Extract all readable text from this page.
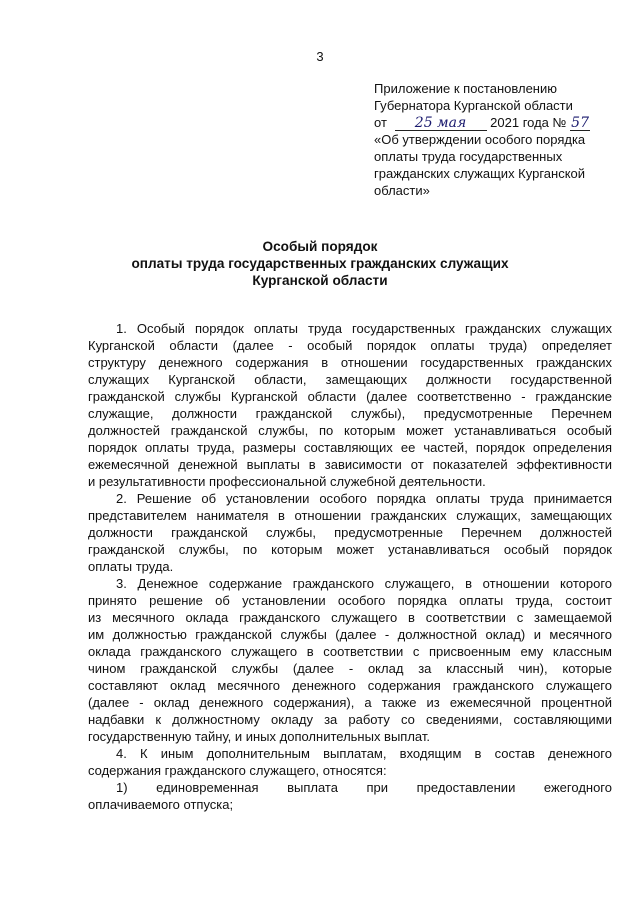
3
Приложение к постановлению
Губернатора Курганской области
от 25 мая 2021 года № 57
«Об утверждении особого порядка
оплаты труда государственных
гражданских служащих Курганской
области»
Особый порядок
оплаты труда государственных гражданских служащих
Курганской области
1. Особый порядок оплаты труда государственных гражданских служащих
Курганской области (далее - особый порядок оплаты труда) определяет
структуру денежного содержания в отношении государственных гражданских
служащих Курганской области, замещающих должности государственной
гражданской службы Курганской области (далее соответственно - гражданские
служащие, должности гражданской службы), предусмотренные Перечнем
должностей гражданской службы, по которым может устанавливаться особый
порядок оплаты труда, размеры составляющих ее частей, порядок определения
ежемесячной денежной выплаты в зависимости от показателей эффективности
и результативности профессиональной служебной деятельности.
2. Решение об установлении особого порядка оплаты труда принимается
представителем нанимателя в отношении гражданских служащих, замещающих
должности гражданской службы, предусмотренные Перечнем должностей
гражданской службы, по которым может устанавливаться особый порядок
оплаты труда.
3. Денежное содержание гражданского служащего, в отношении которого
принято решение об установлении особого порядка оплаты труда, состоит
из месячного оклада гражданского служащего в соответствии с замещаемой
им должностью гражданской службы (далее - должностной оклад) и месячного
оклада гражданского служащего в соответствии с присвоенным ему классным
чином гражданской службы (далее - оклад за классный чин), которые
составляют оклад месячного денежного содержания гражданского служащего
(далее - оклад денежного содержания), а также из ежемесячной процентной
надбавки к должностному окладу за работу со сведениями, составляющими
государственную тайну, и иных дополнительных выплат.
4. К иным дополнительным выплатам, входящим в состав денежного
содержания гражданского служащего, относятся:
1) единовременная выплата при предоставлении ежегодного
оплачиваемого отпуска;
